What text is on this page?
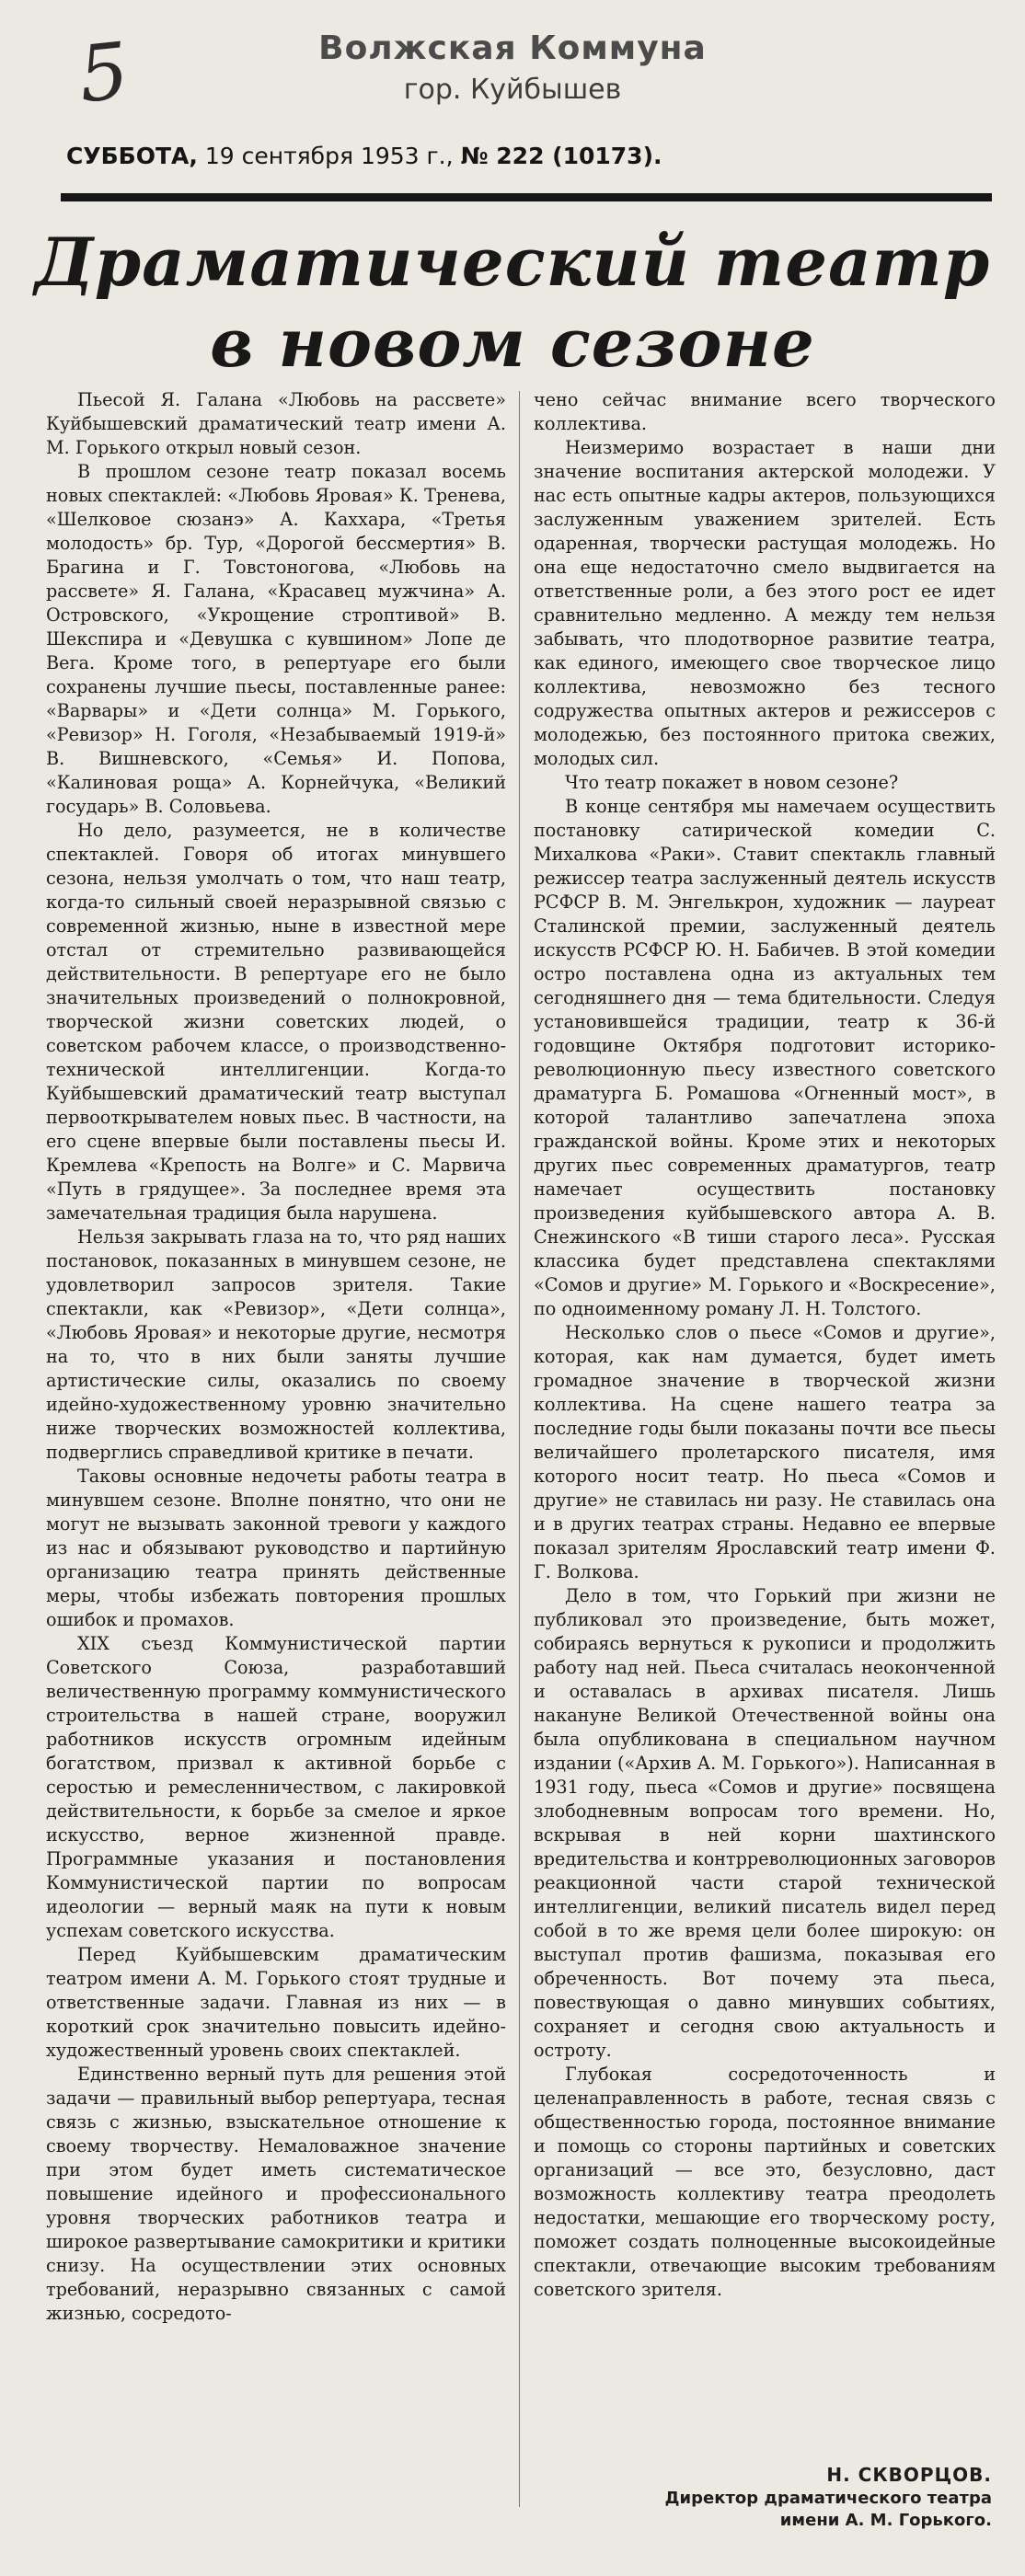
5	Волжская Коммуна
гор. Куйбышев
СУББОТА, 19 сентября 1953 г., № 222 (10173).
Драматический театр
в новом сезоне

Пьесой Я. Галана «Любовь на рассвете» Куйбышевский драматический театр имени А. М. Горького открыл новый сезон.

В прошлом сезоне театр показал восемь новых спектаклей: «Любовь Яровая» К. Тренева, «Шелковое сюзанэ» А. Каххара, «Третья молодость» бр. Тур, «Дорогой бессмертия» В. Брагина и Г. Товстоногова, «Любовь на рассвете» Я. Галана, «Красавец мужчина» А. Островского, «Укрощение строптивой» В. Шекспира и «Девушка с кувшином» Лопе де Вега. Кроме того, в репертуаре его были сохранены лучшие пьесы, поставленные ранее: «Варвары» и «Дети солнца» М. Горького, «Ревизор» Н. Гоголя, «Незабываемый 1919-й» В. Вишневского, «Семья» И. Попова, «Калиновая роща» А. Корнейчука, «Великий государь» В. Соловьева.

Но дело, разумеется, не в количестве спектаклей. Говоря об итогах минувшего сезона, нельзя умолчать о том, что наш театр, когда-то сильный своей неразрывной связью с современной жизнью, ныне в известной мере отстал от стремительно развивающейся действительности. В репертуаре его не было значительных произведений о полнокровной, творческой жизни советских людей, о советском рабочем классе, о производственно-технической интеллигенции. Когда-то Куйбышевский драматический театр выступал первооткрывателем новых пьес. В частности, на его сцене впервые были поставлены пьесы И. Кремлева «Крепость на Волге» и С. Марвича «Путь в грядущее». За последнее время эта замечательная традиция была нарушена.

Нельзя закрывать глаза на то, что ряд наших постановок, показанных в минувшем сезоне, не удовлетворил запросов зрителя. Такие спектакли, как «Ревизор», «Дети солнца», «Любовь Яровая» и некоторые другие, несмотря на то, что в них были заняты лучшие артистические силы, оказались по своему идейно-художественному уровню значительно ниже творческих возможностей коллектива, подверглись справедливой критике в печати.

Таковы основные недочеты работы театра в минувшем сезоне. Вполне понятно, что они не могут не вызывать законной тревоги у каждого из нас и обязывают руководство и партийную организацию театра принять действенные меры, чтобы избежать повторения прошлых ошибок и промахов.

XIX съезд Коммунистической партии Советского Союза, разработавший величественную программу коммунистического строительства в нашей стране, вооружил работников искусств огромным идейным богатством, призвал к активной борьбе с серостью и ремесленничеством, с лакировкой действительности, к борьбе за смелое и яркое искусство, верное жизненной правде. Программные указания и постановления Коммунистической партии по вопросам идеологии — верный маяк на пути к новым успехам советского искусства.

Перед Куйбышевским драматическим театром имени А. М. Горького стоят трудные и ответственные задачи. Главная из них — в короткий срок значительно повысить идейно-художественный уровень своих спектаклей.

Единственно верный путь для решения этой задачи — правильный выбор репертуара, тесная связь с жизнью, взыскательное отношение к своему творчеству. Немаловажное значение при этом будет иметь систематическое повышение идейного и профессионального уровня творческих работников театра и широкое развертывание самокритики и критики снизу. На осуществлении этих основных требований, неразрывно связанных с самой жизнью, сосредото-

чено сейчас внимание всего творческого коллектива.

Неизмеримо возрастает в наши дни значение воспитания актерской молодежи. У нас есть опытные кадры актеров, пользующихся заслуженным уважением зрителей. Есть одаренная, творчески растущая молодежь. Но она еще недостаточно смело выдвигается на ответственные роли, а без этого рост ее идет сравнительно медленно. А между тем нельзя забывать, что плодотворное развитие театра, как единого, имеющего свое творческое лицо коллектива, невозможно без тесного содружества опытных актеров и режиссеров с молодежью, без постоянного притока свежих, молодых сил.

Что театр покажет в новом сезоне?

В конце сентября мы намечаем осуществить постановку сатирической комедии С. Михалкова «Раки». Ставит спектакль главный режиссер театра заслуженный деятель искусств РСФСР В. М. Энгелькрон, художник — лауреат Сталинской премии, заслуженный деятель искусств РСФСР Ю. Н. Бабичев. В этой комедии остро поставлена одна из актуальных тем сегодняшнего дня — тема бдительности. Следуя установившейся традиции, театр к 36-й годовщине Октября подготовит историко-революционную пьесу известного советского драматурга Б. Ромашова «Огненный мост», в которой талантливо запечатлена эпоха гражданской войны. Кроме этих и некоторых других пьес современных драматургов, театр намечает осуществить постановку произведения куйбышевского автора А. В. Снежинского «В тиши старого леса». Русская классика будет представлена спектаклями «Сомов и другие» М. Горького и «Воскресение», по одноименному роману Л. Н. Толстого.

Несколько слов о пьесе «Сомов и другие», которая, как нам думается, будет иметь громадное значение в творческой жизни коллектива. На сцене нашего театра за последние годы были показаны почти все пьесы величайшего пролетарского писателя, имя которого носит театр. Но пьеса «Сомов и другие» не ставилась ни разу. Не ставилась она и в других театрах страны. Недавно ее впервые показал зрителям Ярославский театр имени Ф. Г. Волкова.

Дело в том, что Горький при жизни не публиковал это произведение, быть может, собираясь вернуться к рукописи и продолжить работу над ней. Пьеса считалась неоконченной и оставалась в архивах писателя. Лишь накануне Великой Отечественной войны она была опубликована в специальном научном издании («Архив А. М. Горького»). Написанная в 1931 году, пьеса «Сомов и другие» посвящена злободневным вопросам того времени. Но, вскрывая в ней корни шахтинского вредительства и контрреволюционных заговоров реакционной части старой технической интеллигенции, великий писатель видел перед собой в то же время цели более широкую: он выступал против фашизма, показывая его обреченность. Вот почему эта пьеса, повествующая о давно минувших событиях, сохраняет и сегодня свою актуальность и остроту.

Глубокая сосредоточенность и целенаправленность в работе, тесная связь с общественностью города, постоянное внимание и помощь со стороны партийных и советских организаций — все это, безусловно, даст возможность коллективу театра преодолеть недостатки, мешающие его творческому росту, поможет создать полноценные высокоидейные спектакли, отвечающие высоким требованиям советского зрителя.

Н. СКВОРЦОВ.
Директор драматического театра
имени А. М. Горького.
